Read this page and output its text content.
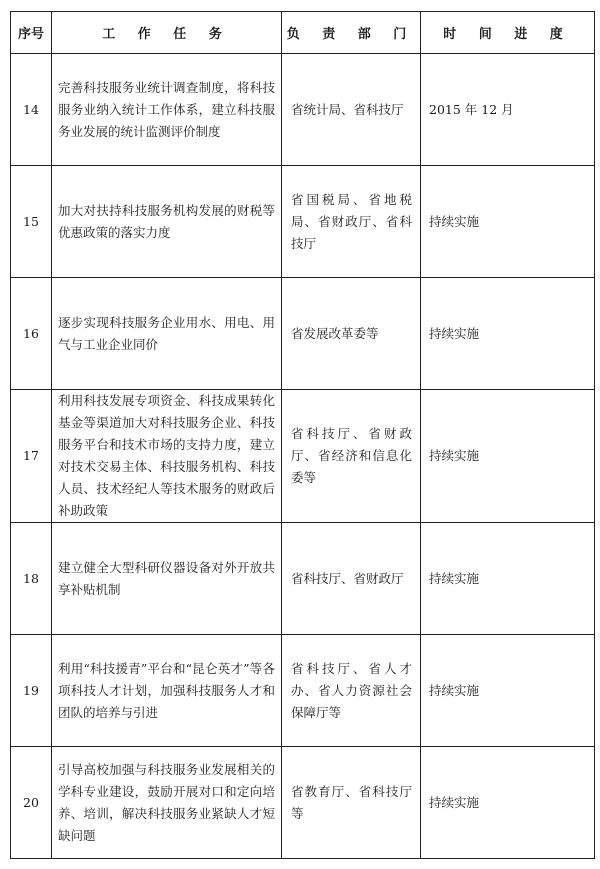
序号	工 作 任 务	负 责 部 门	时 间 进 度
14	完善科技服务业统计调查制度，将科技服务业纳入统计工作体系，建立科技服务业发展的统计监测评价制度	省统计局、省科技厅	2015 年 12 月
15	加大对扶持科技服务机构发展的财税等优惠政策的落实力度	省国税局、省地税局、省财政厅、省科技厅	持续实施
16	逐步实现科技服务企业用水、用电、用气与工业企业同价	省发展改革委等	持续实施
17	利用科技发展专项资金、科技成果转化基金等渠道加大对科技服务企业、科技服务平台和技术市场的支持力度，建立对技术交易主体、科技服务机构、科技人员、技术经纪人等技术服务的财政后补助政策	省科技厅、省财政厅、省经济和信息化委等	持续实施
18	建立健全大型科研仪器设备对外开放共享补贴机制	省科技厅、省财政厅	持续实施
19	利用“科技援青”平台和“昆仑英才”等各项科技人才计划，加强科技服务人才和团队的培养与引进	省科技厅、省人才办、省人力资源社会保障厅等	持续实施
20	引导高校加强与科技服务业发展相关的学科专业建设，鼓励开展对口和定向培养、培训，解决科技服务业紧缺人才短缺问题	省教育厅、省科技厅等	持续实施
